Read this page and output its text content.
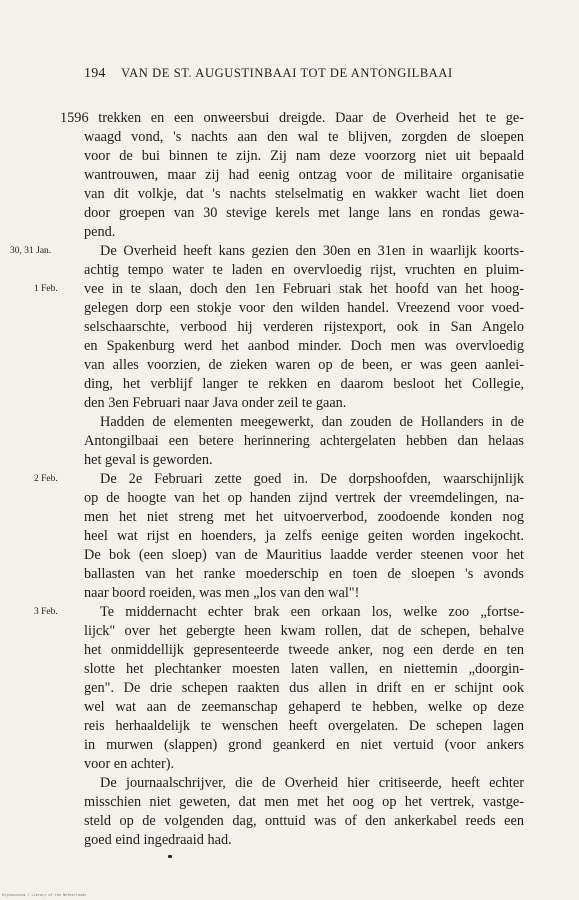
194 VAN DE ST. AUGUSTINBAAI TOT DE ANTONGILBAAI
1596 trekken en een onweersbui dreigde. Daar de Overheid het te ge-
waagd vond, 's nachts aan den wal te blijven, zorgden de sloepen
voor de bui binnen te zijn. Zij nam deze voorzorg niet uit bepaald
wantrouwen, maar zij had eenig ontzag voor de militaire organisatie
van dit volkje, dat 's nachts stelselmatig en wakker wacht liet doen
door groepen van 30 stevige kerels met lange lans en rondas gewa-
pend.
30, 31 Jan.	De Overheid heeft kans gezien den 30en en 31en in waarlijk koorts-
achtig tempo water te laden en overvloedig rijst, vruchten en pluim-
1 Feb. vee in te slaan, doch den 1en Februari stak het hoofd van het hoog-
gelegen dorp een stokje voor den wilden handel. Vreezend voor voed-
selschaarschte, verbood hij verderen rijstexport, ook in San Angelo
en Spakenburg werd het aanbod minder. Doch men was overvloedig
van alles voorzien, de zieken waren op de been, er was geen aanlei-
ding, het verblijf langer te rekken en daarom besloot het Collegie,
den 3en Februari naar Java onder zeil te gaan.
Hadden de elementen meegewerkt, dan zouden de Hollanders in de
Antongilbaai een betere herinnering achtergelaten hebben dan helaas
het geval is geworden.
2 Feb.	De 2e Februari zette goed in. De dorpshoofden, waarschijnlijk
op de hoogte van het op handen zijnd vertrek der vreemdelingen, na-
men het niet streng met het uitvoerverbod, zoodoende konden nog
heel wat rijst en hoenders, ja zelfs eenige geiten worden ingekocht.
De bok (een sloep) van de Mauritius laadde verder steenen voor het
ballasten van het ranke moederschip en toen de sloepen 's avonds
naar boord roeiden, was men „los van den wal"!
3 Feb.	Te middernacht echter brak een orkaan los, welke zoo „fortse-
lijck" over het gebergte heen kwam rollen, dat de schepen, behalve
het onmiddellijk gepresenteerde tweede anker, nog een derde en ten
slotte het plechtanker moesten laten vallen, en niettemin „doorgin-
gen". De drie schepen raakten dus allen in drift en er schijnt ook
wel wat aan de zeemanschap gehaperd te hebben, welke op deze
reis herhaaldelijk te wenschen heeft overgelaten. De schepen lagen
in murwen (slappen) grond geankerd en niet vertuid (voor ankers
voor en achter).
De journaalschrijver, die de Overheid hier critiseerde, heeft echter
misschien niet geweten, dat men met het oog op het vertrek, vastge-
steld op de volgenden dag, onttuid was of den ankerkabel reeds een
goed eind ingedraaid had.
Rijksmuseum / Library of the Netherlands
